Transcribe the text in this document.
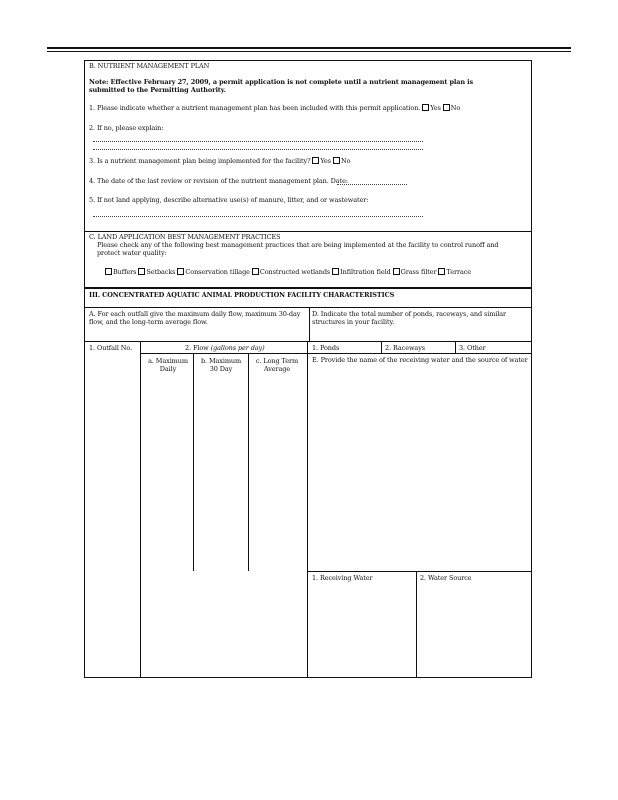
B. NUTRIENT MANAGEMENT PLAN
Note: Effective February 27, 2009, a permit application is not complete until a nutrient management plan is submitted to the Permitting Authority.
1. Please indicate whether a nutrient management plan has been included with this permit application. Yes No
2. If no, please explain:
3. Is a nutrient management plan being implemented for the facility? Yes No
4. The date of the last review or revision of the nutrient management plan. Date:
5. If not land applying, describe alternative use(s) of manure, litter, and or wastewater:
C. LAND APPLICATION BEST MANAGEMENT PRACTICES
Please check any of the following best management practices that are being implemented at the facility to control runoff and protect water quality:
Buffers Setbacks Conservation tillage Constructed wetlands Infiltration field Grass filter Terrace
III. CONCENTRATED AQUATIC ANIMAL PRODUCTION FACILITY CHARACTERISTICS
A. For each outfall give the maximum daily flow, maximum 30-day flow, and the long-term average flow.
D. Indicate the total number of ponds, raceways, and similar structures in your facility.
1. Outfall No.	2. Flow (gallons per day)
a. Maximum Daily
b. Maximum 30 Day
c. Long Term Average
1. Ponds	2. Raceways	3. Other
E. Provide the name of the receiving water and the source of water
1. Receiving Water	2. Water Source
